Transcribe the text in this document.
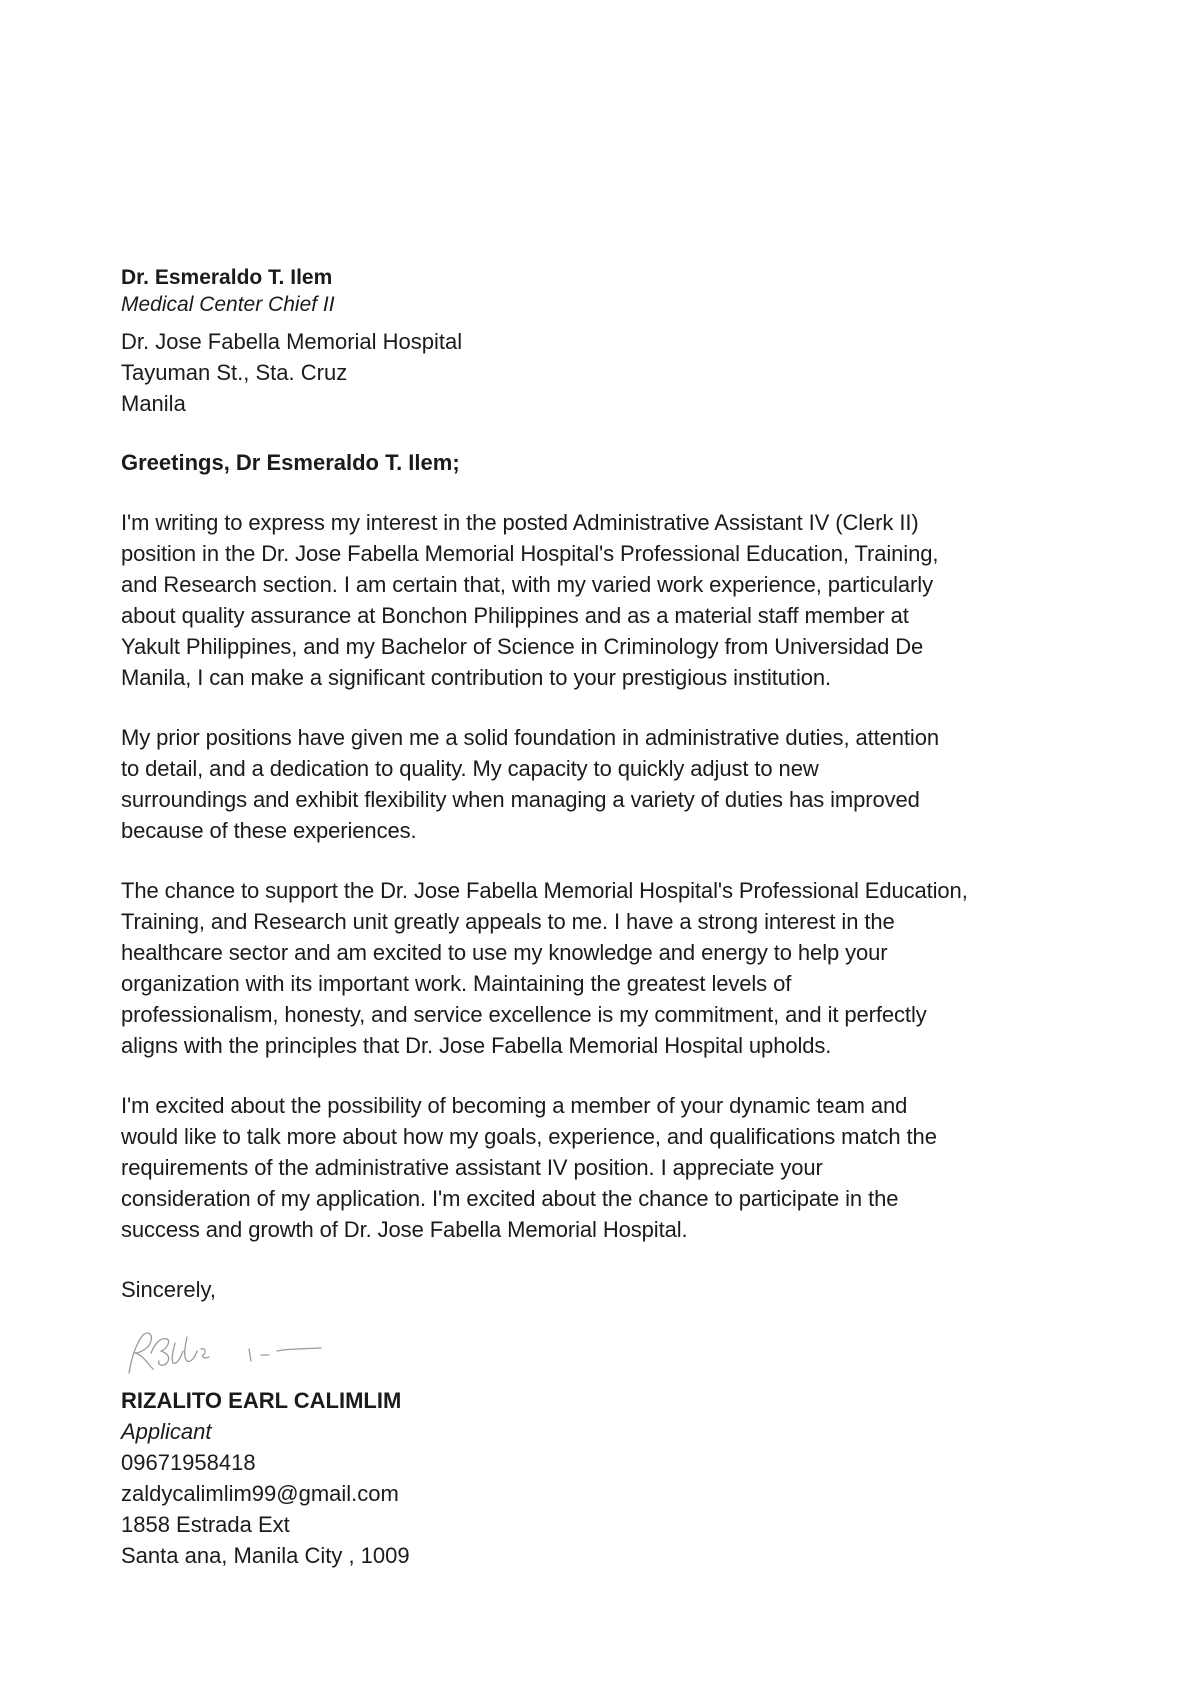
Dr. Esmeraldo T. Ilem
Medical Center Chief II
Dr. Jose Fabella Memorial Hospital
Tayuman St., Sta. Cruz
Manila
Greetings, Dr Esmeraldo T. Ilem;
I'm writing to express my interest in the posted Administrative Assistant IV (Clerk II)
position in the Dr. Jose Fabella Memorial Hospital's Professional Education, Training,
and Research section. I am certain that, with my varied work experience, particularly
about quality assurance at Bonchon Philippines and as a material staff member at
Yakult Philippines, and my Bachelor of Science in Criminology from Universidad De
Manila, I can make a significant contribution to your prestigious institution.
My prior positions have given me a solid foundation in administrative duties, attention
to detail, and a dedication to quality. My capacity to quickly adjust to new
surroundings and exhibit flexibility when managing a variety of duties has improved
because of these experiences.
The chance to support the Dr. Jose Fabella Memorial Hospital's Professional Education,
Training, and Research unit greatly appeals to me. I have a strong interest in the
healthcare sector and am excited to use my knowledge and energy to help your
organization with its important work. Maintaining the greatest levels of
professionalism, honesty, and service excellence is my commitment, and it perfectly
aligns with the principles that Dr. Jose Fabella Memorial Hospital upholds.
I'm excited about the possibility of becoming a member of your dynamic team and
would like to talk more about how my goals, experience, and qualifications match the
requirements of the administrative assistant IV position. I appreciate your
consideration of my application. I'm excited about the chance to participate in the
success and growth of Dr. Jose Fabella Memorial Hospital.
Sincerely,
RIZALITO EARL CALIMLIM
Applicant
09671958418
zaldycalimlim99@gmail.com
1858 Estrada Ext
Santa ana, Manila City , 1009
